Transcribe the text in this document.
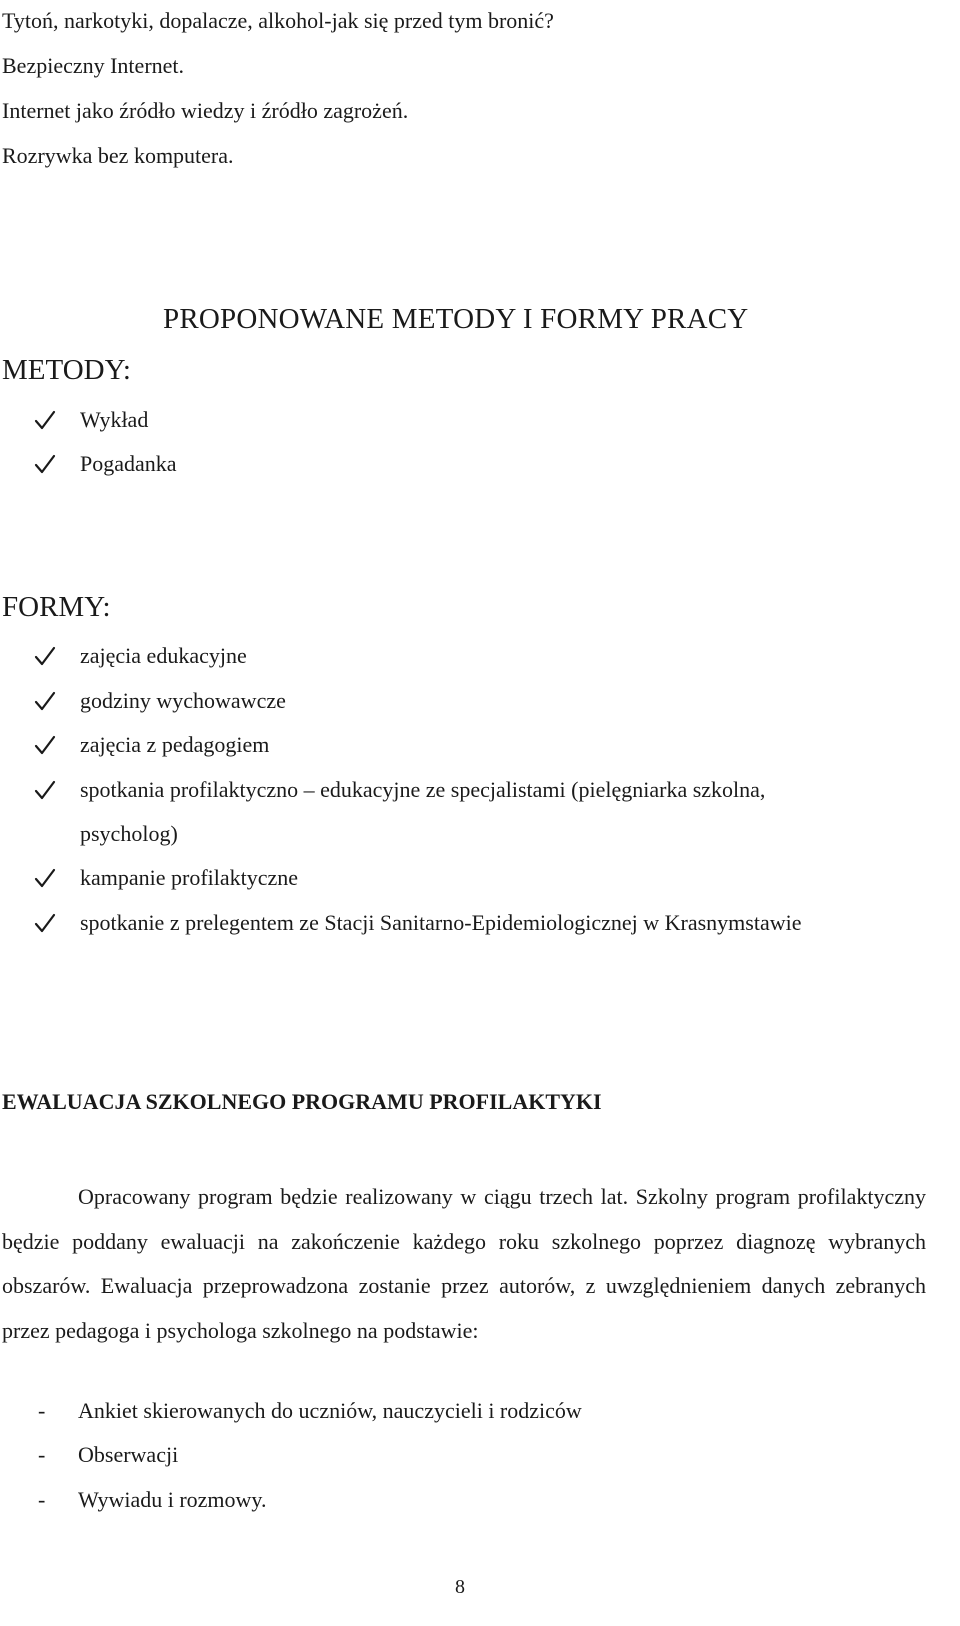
Tytoń, narkotyki, dopalacze, alkohol-jak się przed tym bronić?
Bezpieczny Internet.
Internet jako źródło wiedzy i źródło zagrożeń.
Rozrywka bez komputera.
PROPONOWANE METODY I FORMY PRACY
METODY:
Wykład
Pogadanka
FORMY:
zajęcia edukacyjne
godziny wychowawcze
zajęcia z pedagogiem
spotkania profilaktyczno – edukacyjne ze specjalistami (pielęgniarka szkolna,
psycholog)
kampanie profilaktyczne
spotkanie z prelegentem ze Stacji Sanitarno-Epidemiologicznej w Krasnymstawie
EWALUACJA SZKOLNEGO PROGRAMU PROFILAKTYKI

Opracowany program będzie realizowany w ciągu trzech lat. Szkolny program profilaktyczny będzie poddany ewaluacji na zakończenie każdego roku szkolnego poprzez diagnozę wybranych obszarów. Ewaluacja przeprowadzona zostanie przez autorów, z uwzględnieniem danych zebranych przez pedagoga i psychologa szkolnego na podstawie:

- Ankiet skierowanych do uczniów, nauczycieli i rodziców
- Obserwacji
- Wywiadu i rozmowy.
8
